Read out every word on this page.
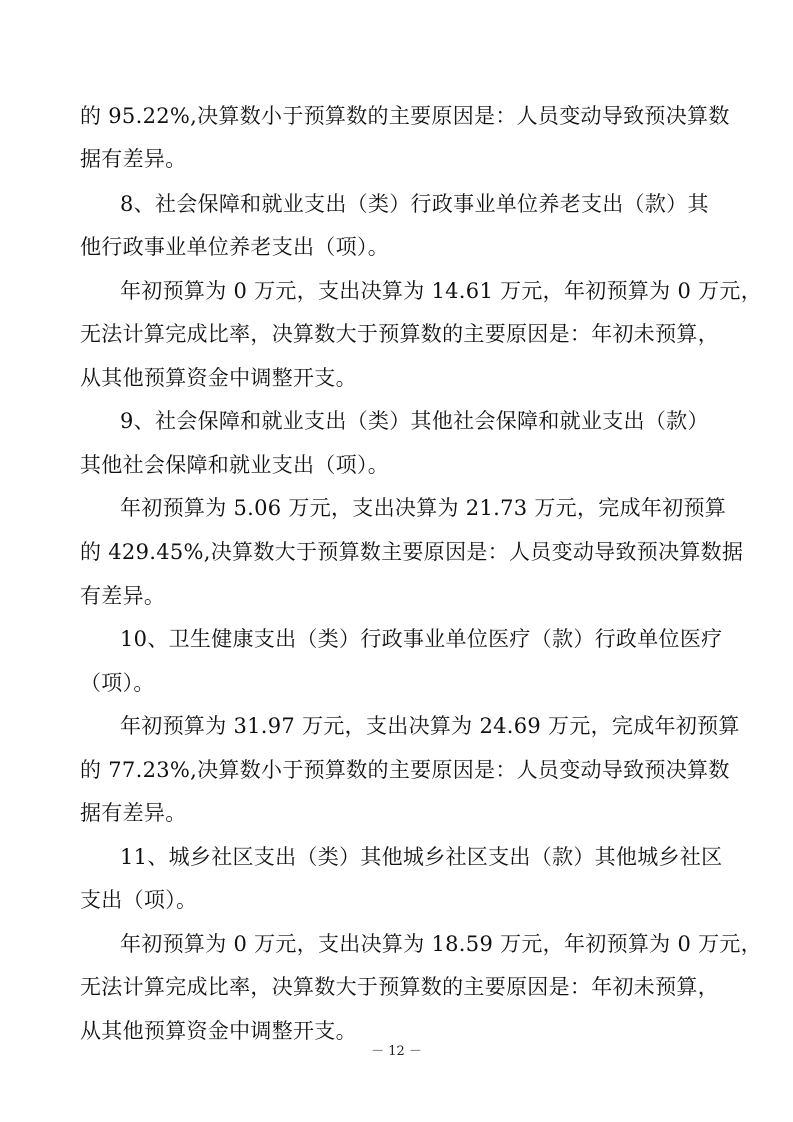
的 95.22%,决算数小于预算数的主要原因是：人员变动导致预决算数
据有差异。
8、社会保障和就业支出（类）行政事业单位养老支出（款）其
他行政事业单位养老支出（项）。
年初预算为 0 万元，支出决算为 14.61 万元，年初预算为 0 万元，
无法计算完成比率，决算数大于预算数的主要原因是：年初未预算，
从其他预算资金中调整开支。
9、社会保障和就业支出（类）其他社会保障和就业支出（款）
其他社会保障和就业支出（项）。
年初预算为 5.06 万元，支出决算为 21.73 万元，完成年初预算
的 429.45%,决算数大于预算数主要原因是：人员变动导致预决算数据
有差异。
10、卫生健康支出（类）行政事业单位医疗（款）行政单位医疗
（项）。
年初预算为 31.97 万元，支出决算为 24.69 万元，完成年初预算
的 77.23%,决算数小于预算数的主要原因是：人员变动导致预决算数
据有差异。
11、城乡社区支出（类）其他城乡社区支出（款）其他城乡社区
支出（项）。
年初预算为 0 万元，支出决算为 18.59 万元，年初预算为 0 万元，
无法计算完成比率，决算数大于预算数的主要原因是：年初未预算，
从其他预算资金中调整开支。
－ 12 －
